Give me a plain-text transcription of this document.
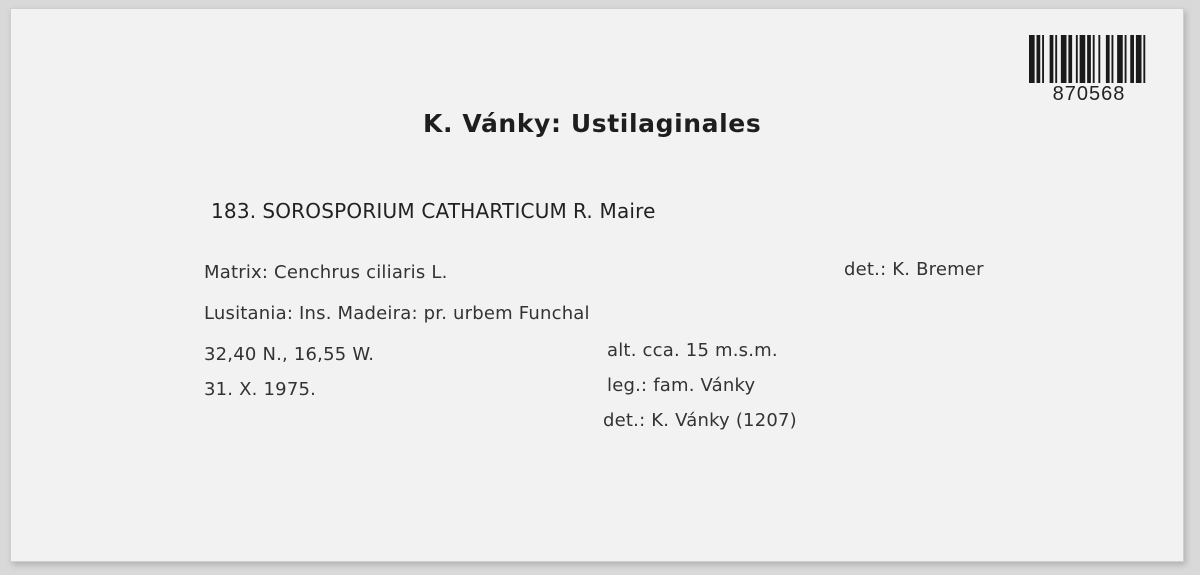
870568
K. Vánky: Ustilaginales
183. SOROSPORIUM CATHARTICUM R. Maire
Matrix: Cenchrus ciliaris L.	det.: K. Bremer
Lusitania: Ins. Madeira: pr. urbem Funchal
32,40 N., 16,55 W.	alt. cca. 15 m.s.m.
31. X. 1975.	leg.: fam. Vánky
det.: K. Vánky (1207)
